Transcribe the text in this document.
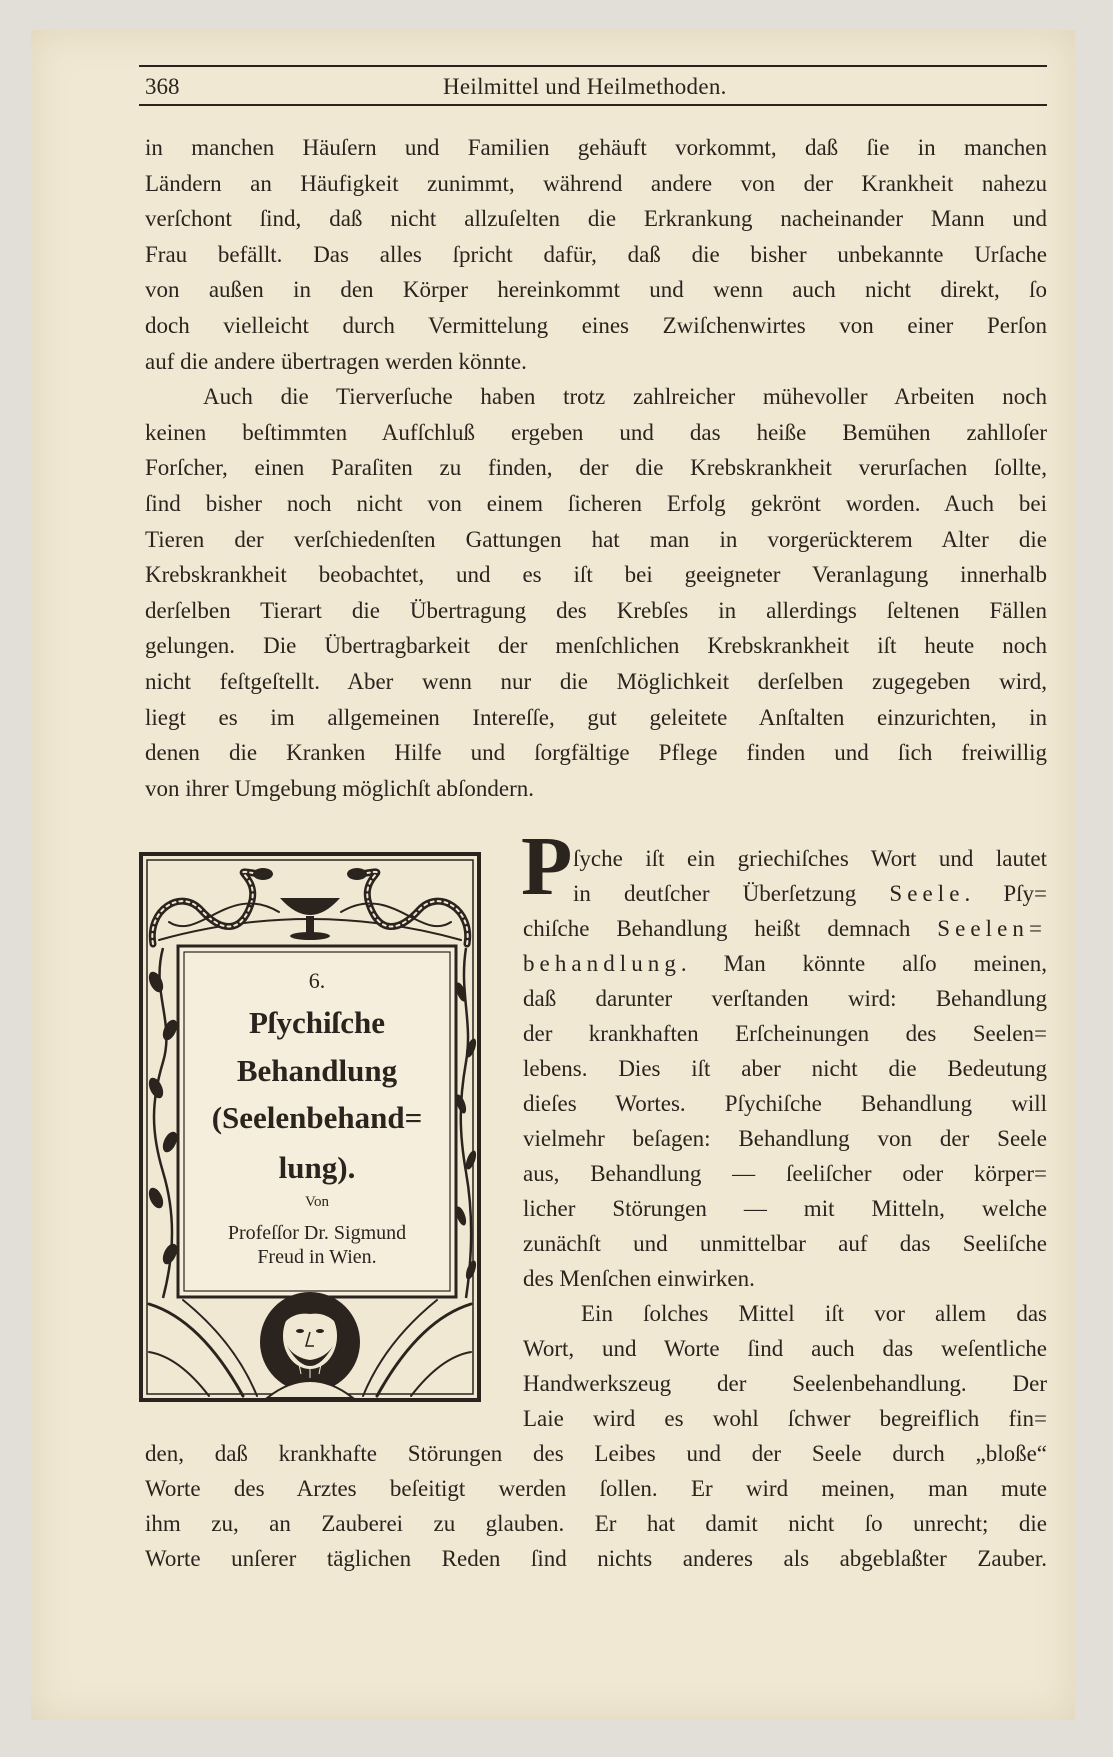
368	Heilmittel und Heilmethoden.
in manchen Häuſern und Familien gehäuft vorkommt, daß ſie in manchen
Ländern an Häufigkeit zunimmt, während andere von der Krankheit nahezu
verſchont ſind, daß nicht allzuſelten die Erkrankung nacheinander Mann und
Frau befällt. Das alles ſpricht dafür, daß die bisher unbekannte Urſache
von außen in den Körper hereinkommt und wenn auch nicht direkt, ſo
doch vielleicht durch Vermittelung eines Zwiſchenwirtes von einer Perſon
auf die andere übertragen werden könnte.
Auch die Tierverſuche haben trotz zahlreicher mühevoller Arbeiten noch
keinen beſtimmten Aufſchluß ergeben und das heiße Bemühen zahlloſer
Forſcher, einen Paraſiten zu finden, der die Krebskrankheit verurſachen ſollte,
ſind bisher noch nicht von einem ſicheren Erfolg gekrönt worden. Auch bei
Tieren der verſchiedenſten Gattungen hat man in vorgerückterem Alter die
Krebskrankheit beobachtet, und es iſt bei geeigneter Veranlagung innerhalb
derſelben Tierart die Übertragung des Krebſes in allerdings ſeltenen Fällen
gelungen. Die Übertragbarkeit der menſchlichen Krebskrankheit iſt heute noch
nicht feſtgeſtellt. Aber wenn nur die Möglichkeit derſelben zugegeben wird,
liegt es im allgemeinen Intereſſe, gut geleitete Anſtalten einzurichten, in
denen die Kranken Hilfe und ſorgfältige Pflege finden und ſich freiwillig
von ihrer Umgebung möglichſt abſondern.
6.
Pſychiſche
Behandlung
(Seelenbehand=
lung).
Von
Profeſſor Dr. Sigmund
Freud in Wien.
P ſyche iſt ein griechiſches Wort und lautet
in deutſcher Überſetzung Seele. Pſy=
chiſche Behandlung heißt demnach Seelen=
behandlung. Man könnte alſo meinen,
daß darunter verſtanden wird: Behandlung
der krankhaften Erſcheinungen des Seelen=
lebens. Dies iſt aber nicht die Bedeutung
dieſes Wortes. Pſychiſche Behandlung will
vielmehr beſagen: Behandlung von der Seele
aus, Behandlung — ſeeliſcher oder körper=
licher Störungen — mit Mitteln, welche
zunächſt und unmittelbar auf das Seeliſche
des Menſchen einwirken.
Ein ſolches Mittel iſt vor allem das
Wort, und Worte ſind auch das weſentliche
Handwerkszeug der Seelenbehandlung. Der
Laie wird es wohl ſchwer begreiflich fin=
den, daß krankhafte Störungen des Leibes und der Seele durch „bloße“
Worte des Arztes beſeitigt werden ſollen. Er wird meinen, man mute
ihm zu, an Zauberei zu glauben. Er hat damit nicht ſo unrecht; die
Worte unſerer täglichen Reden ſind nichts anderes als abgeblaßter Zauber.
